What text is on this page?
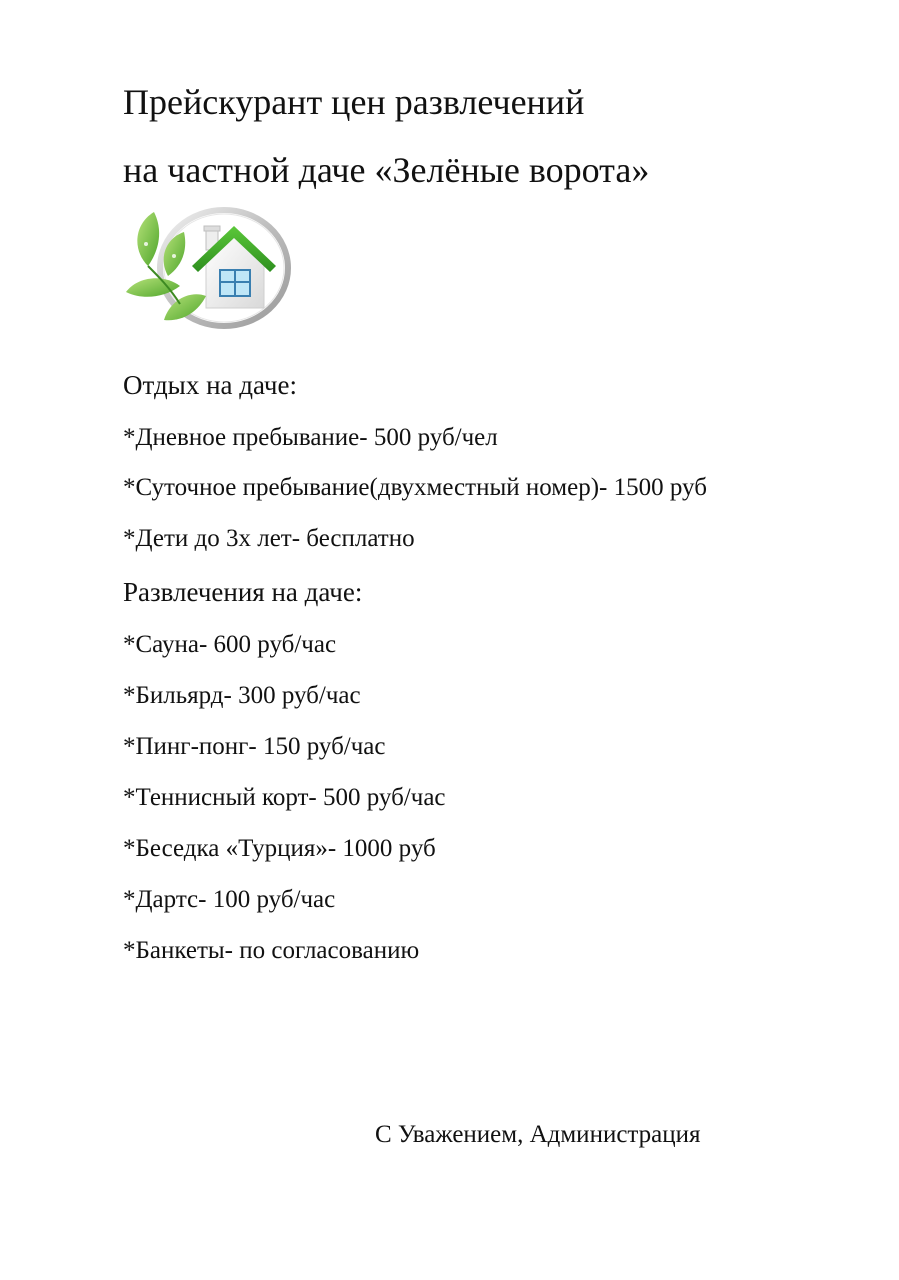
Прейскурант цен развлечений
на частной даче «Зелёные ворота»
Отдых на даче:
*Дневное пребывание- 500 руб/чел
*Суточное пребывание(двухместный номер)- 1500 руб
*Дети до 3х лет- бесплатно
Развлечения на даче:
*Сауна- 600 руб/час
*Бильярд- 300 руб/час
*Пинг-понг- 150 руб/час
*Теннисный корт- 500 руб/час
*Беседка «Турция»- 1000 руб
*Дартс- 100 руб/час
*Банкеты- по согласованию
С Уважением, Администрация
